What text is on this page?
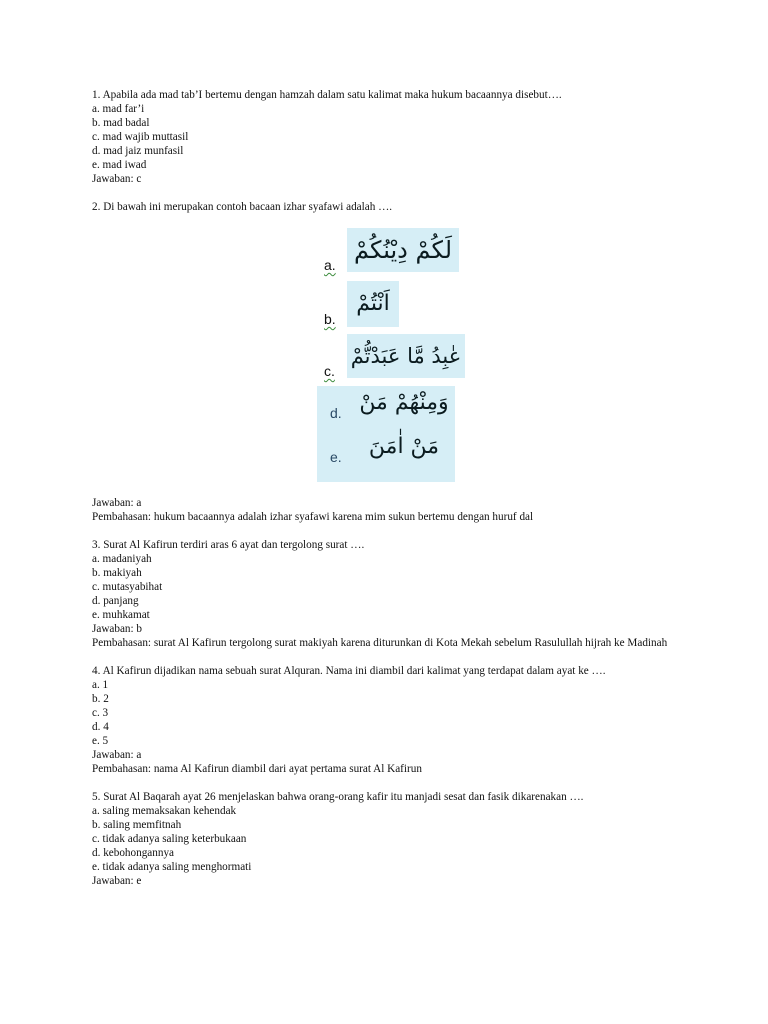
1. Apabila ada mad tab’I bertemu dengan hamzah dalam satu kalimat maka hukum bacaannya disebut….
a. mad far’i
b. mad badal
c. mad wajib muttasil
d. mad jaiz munfasil
e. mad iwad
Jawaban: c
2. Di bawah ini merupakan contoh bacaan izhar syafawi adalah ….
a.
لَكُمْ دِيْنُكُمْ
b.
اَنْتُمْ
c.
عٰبِدُ مَّا عَبَدْتُّمْ
d. وَمِنْهُمْ مَنْ
e.	مَنْ اٰمَنَ
Jawaban: a
Pembahasan: hukum bacaannya adalah izhar syafawi karena mim sukun bertemu dengan huruf dal
3. Surat Al Kafirun terdiri aras 6 ayat dan tergolong surat ….
a. madaniyah
b. makiyah
c. mutasyabihat
d. panjang
e. muhkamat
Jawaban: b
Pembahasan: surat Al Kafirun tergolong surat makiyah karena diturunkan di Kota Mekah sebelum Rasulullah hijrah ke Madinah
4. Al Kafirun dijadikan nama sebuah surat Alquran. Nama ini diambil dari kalimat yang terdapat dalam ayat ke ….
a. 1
b. 2
c. 3
d. 4
e. 5
Jawaban: a
Pembahasan: nama Al Kafirun diambil dari ayat pertama surat Al Kafirun
5. Surat Al Baqarah ayat 26 menjelaskan bahwa orang-orang kafir itu manjadi sesat dan fasik dikarenakan ….
a. saling memaksakan kehendak
b. saling memfitnah
c. tidak adanya saling keterbukaan
d. kebohongannya
e. tidak adanya saling menghormati
Jawaban: e
